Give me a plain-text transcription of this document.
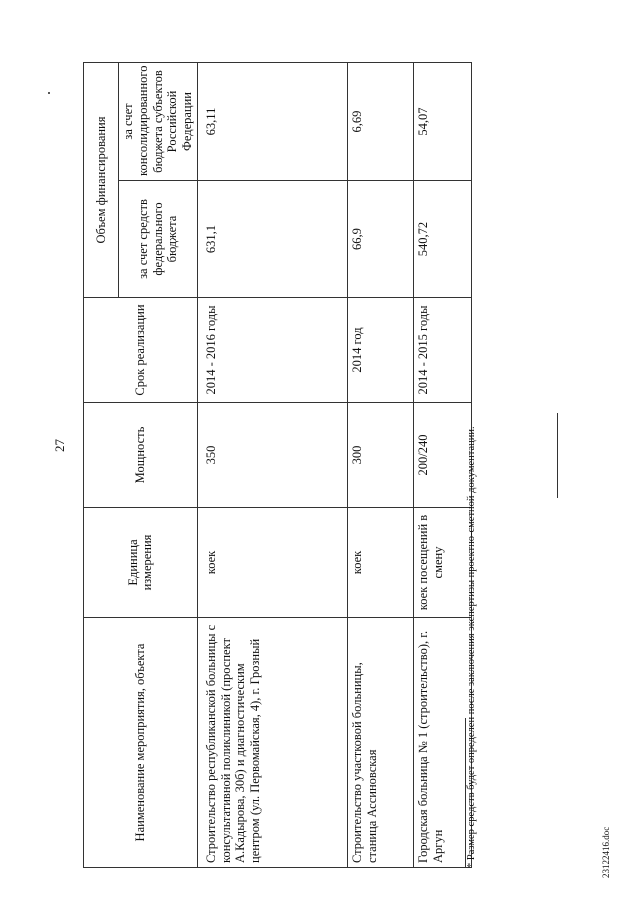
27
23122416.doc
Наименование мероприятия, объекта	Единица измерения	Мощность	Срок реализации	Объем финансирования	
				за счет средств федерального бюджета	за счет консолидированного бюджета субъектов Российской Федерации
Строительство республиканской больницы с консультативной поликлиникой (проспект А.Кадырова, 30б) и диагностическим центром (ул. Первомайская, 4), г. Грозный	коек	350	2014 - 2016 годы	631,1	63,11
Строительство участковой больницы, станица Ассиновская	коек	300	2014 год	66,9	6,69
Городская больница № 1 (строительство), г. Аргун	коек посещений в смену	200/240	2014 - 2015 годы	540,72	54,07
* Размер средств будет определен после заключения экспертизы проектно-сметной документации.
